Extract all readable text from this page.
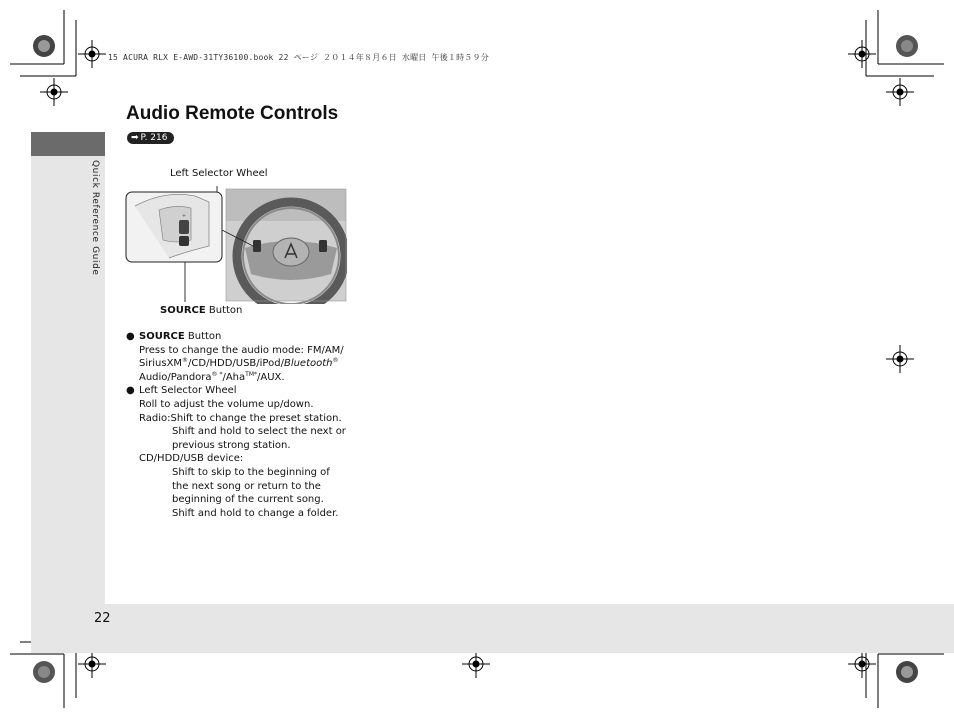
15 ACURA RLX E-AWD-31TY36100.book 22 ページ ２０１４年８月６日 水曜日 午後１時５９分
Quick Reference Guide
22
Audio Remote Controls
➡ P. 216
Left Selector Wheel
+
SOURCE Button
● SOURCE Button
Press to change the audio mode: FM/AM/
SiriusXM®/CD/HDD/USB/iPod/Bluetooth®
Audio/Pandora® */Aha$^{TM*}$/AUX.
● Left Selector Wheel
Roll to adjust the volume up/down.
Radio: Shift to change the preset station.
Shift and hold to select the next or
previous strong station.
CD/HDD/USB device:
Shift to skip to the beginning of
the next song or return to the
beginning of the current song.
Shift and hold to change a folder.
